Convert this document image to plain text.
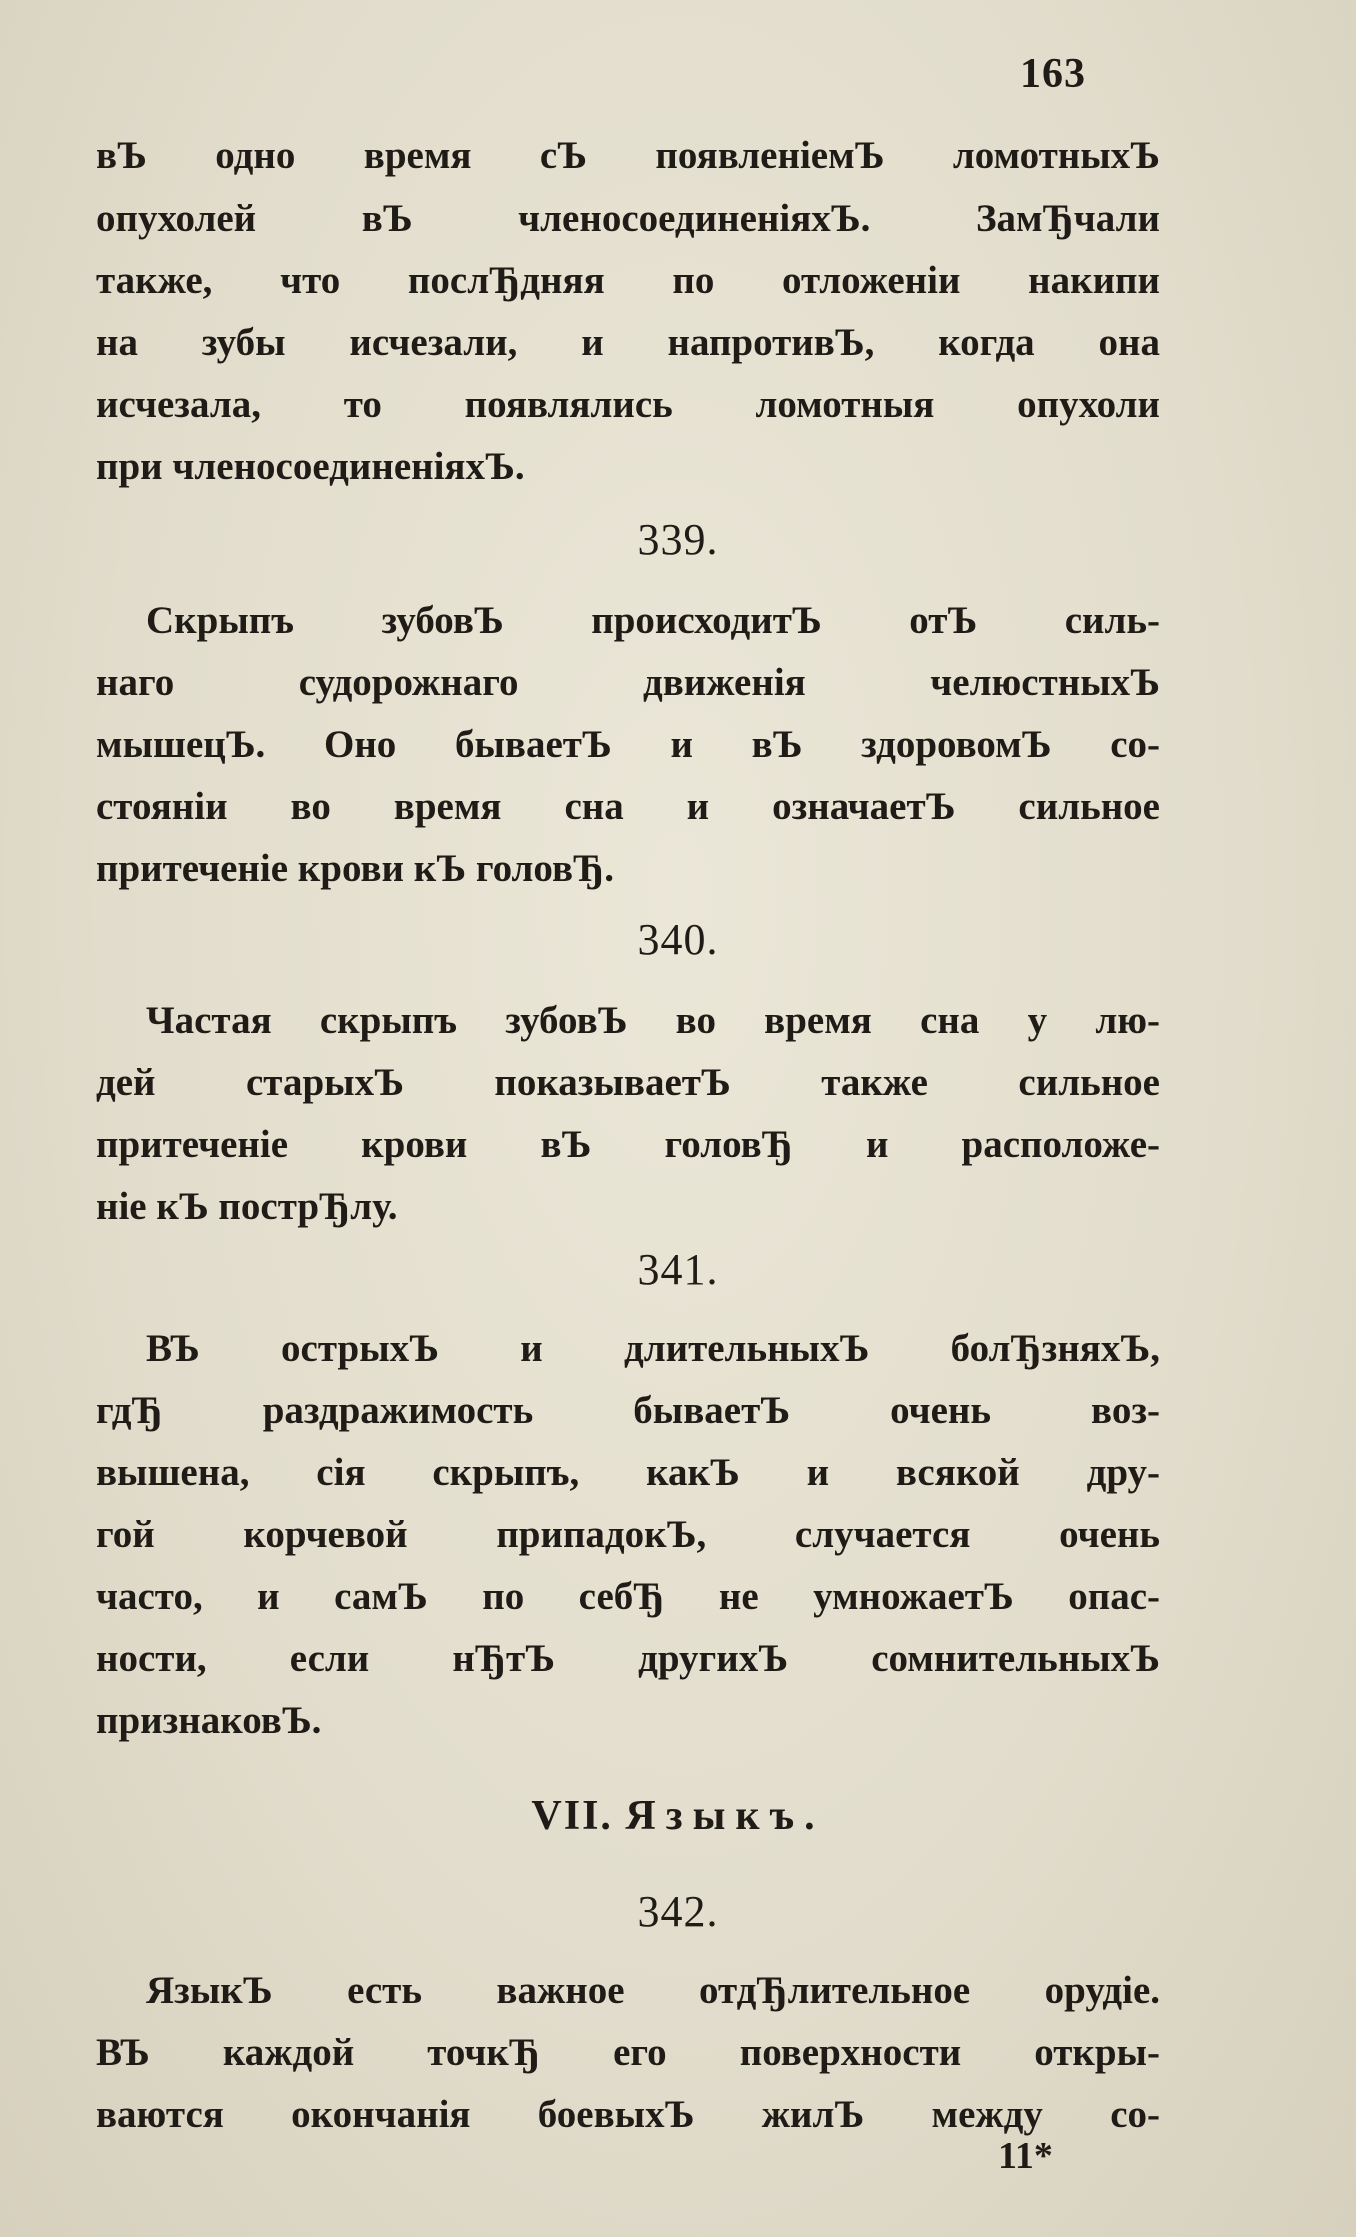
163
вЪ одно время сЪ появленіемЪ ломотныхЪ
опухолей вЪ членосоединеніяхЪ. ЗамЂчали
также, что послЂдняя по отложеніи накипи
на зубы исчезали, и напротивЪ, когда она
исчезала, то появлялись ломотныя опухоли
при членосоединеніяхЪ.
339.
Скрыпъ зубовЪ происходитЪ отЪ силь-
наго судорожнаго движенія челюстныхЪ
мышецЪ. Оно бываетЪ и вЪ здоровомЪ со-
стояніи во время сна и означаетЪ сильное
притеченіе крови кЪ головЂ.
340.
Частая скрыпъ зубовЪ во время сна у лю-
дей старыхЪ показываетЪ также сильное
притеченіе крови вЪ головЂ и расположе-
ніе кЪ пострЂлу.
341.
ВЪ острыхЪ и длительныхЪ болЂзняхЪ,
гдЂ раздражимость бываетЪ очень воз-
вышена, сія скрыпъ, какЪ и всякой дру-
гой корчевой припадокЪ, случается очень
часто, и самЪ по себЂ не умножаетЪ опас-
ности, если нЂтЪ другихЪ сомнительныхЪ
признаковЪ.
VII. Языкъ.
342.
ЯзыкЪ есть важное отдЂлительное орудіе.
ВЪ каждой точкЂ его поверхности откры-
ваются окончанія боевыхЪ жилЪ между со-
11*
